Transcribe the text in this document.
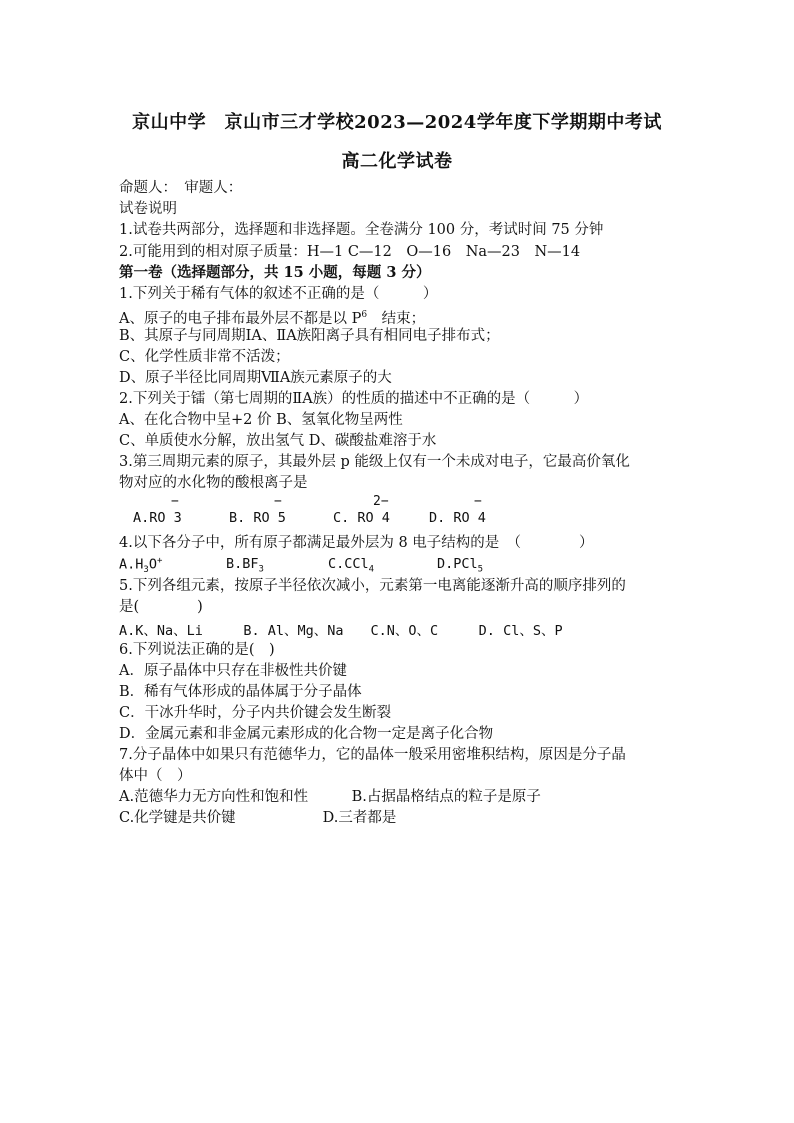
京山中学　京山市三才学校2023—2024学年度下学期期中考试
高二化学试卷
命题人：　审题人：
试卷说明
1.试卷共两部分，选择题和非选择题。全卷满分 100 分，考试时间 75 分钟
2.可能用到的相对原子质量：H—1 C—12　O—16　Na—23　N—14
第一卷（选择题部分，共 15 小题，每题 3 分）
1.下列关于稀有气体的叙述不正确的是（　　　）
A、原子的电子排布最外层不都是以 $P^6$　结束；
B、其原子与同周期ⅠA、ⅡA族阳离子具有相同电子排布式；
C、化学性质非常不活泼；
D、原子半径比同周期ⅦA族元素原子的大
2.下列关于镭（第七周期的ⅡA族）的性质的描述中不正确的是（　　　）
A、在化合物中呈+2 价 B、氢氧化物呈两性
C、单质使水分解，放出氢气 D、碳酸盐难溶于水
3.第三周期元素的原子，其最外层 p 能级上仅有一个未成对电子，它最高价氧化
物对应的水化物的酸根离子是
−
A.RO 3
−
B. RO 5
2−
C. RO 4
−
D. RO 4
4.以下各分子中，所有原子都满足最外层为 8 电子结构的是　（　　　　）
$A.H_3O^+$	$B.BF_3$	C.CCl$_4$	D.PCl$_5$
5.下列各组元素，按原子半径依次减小，元素第一电离能逐渐升高的顺序排列的
是(　　　　)
A.K、Na、Li　　　B. Al、Mg、Na　　C.N、O、C　　　D. Cl、S、P
6.下列说法正确的是(　)
A．原子晶体中只存在非极性共价键
B．稀有气体形成的晶体属于分子晶体
C．干冰升华时，分子内共价键会发生断裂
D．金属元素和非金属元素形成的化合物一定是离子化合物
7.分子晶体中如果只有范德华力，它的晶体一般采用密堆积结构，原因是分子晶
体中（　）
A.范德华力无方向性和饱和性　　　B.占据晶格结点的粒子是原子
C.化学键是共价键　　　　　　D.三者都是
